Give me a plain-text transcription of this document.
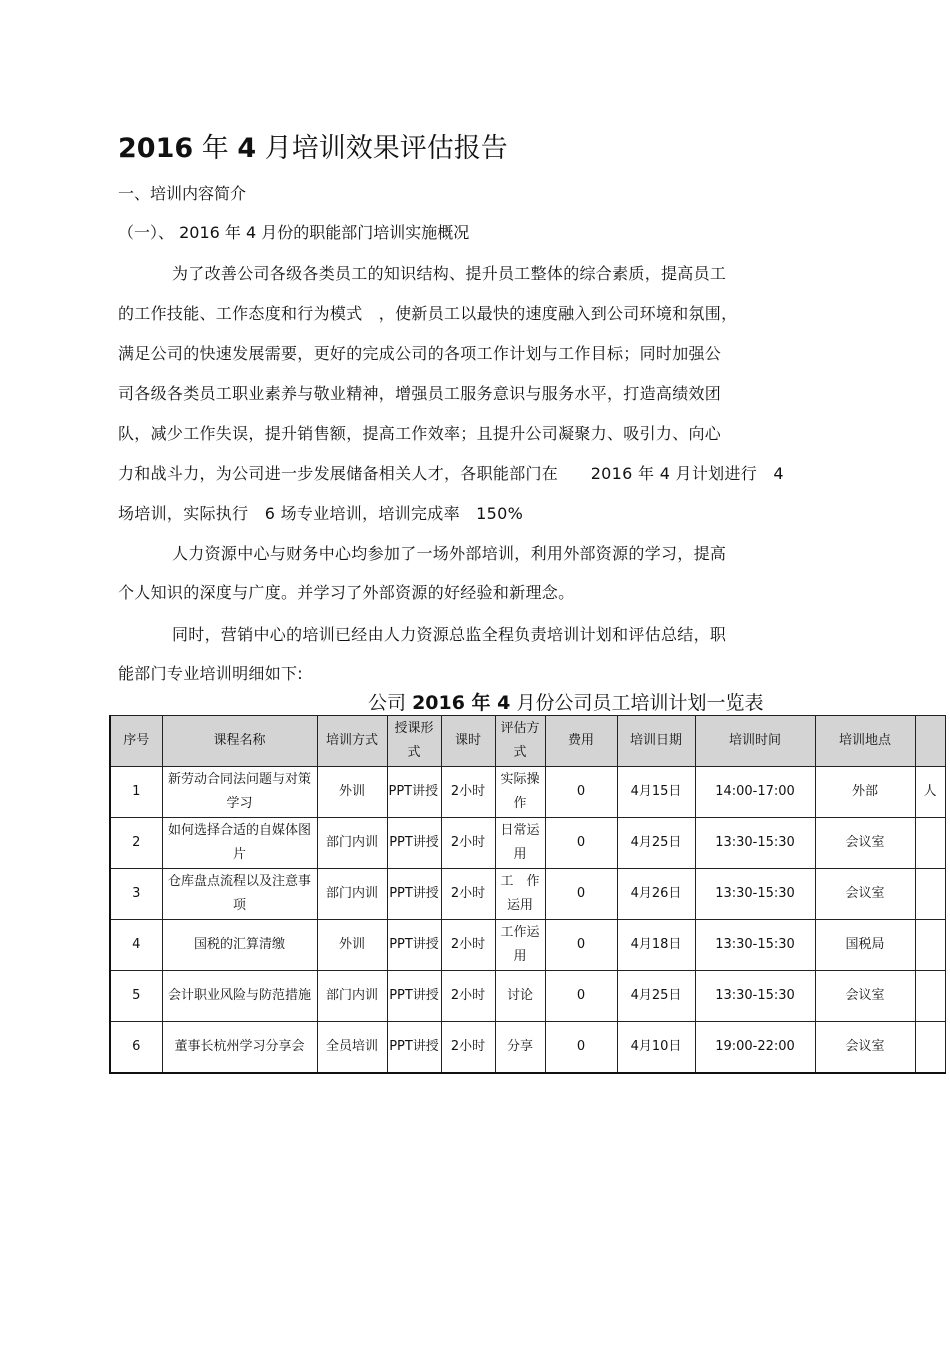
2016 年 4 月培训效果评估报告
一、培训内容简介
（一）、 2016 年 4 月份的职能部门培训实施概况
为了改善公司各级各类员工的知识结构、提升员工整体的综合素质，提高员工
的工作技能、工作态度和行为模式　，使新员工以最快的速度融入到公司环境和氛围，
满足公司的快速发展需要，更好的完成公司的各项工作计划与工作目标；同时加强公
司各级各类员工职业素养与敬业精神，增强员工服务意识与服务水平，打造高绩效团
队，减少工作失误，提升销售额，提高工作效率；且提升公司凝聚力、吸引力、向心
力和战斗力，为公司进一步发展储备相关人才，各职能部门在　　2016 年 4 月计划进行　4
场培训，实际执行　6 场专业培训，培训完成率　150%
人力资源中心与财务中心均参加了一场外部培训，利用外部资源的学习，提高
个人知识的深度与广度。并学习了外部资源的好经验和新理念。
同时，营销中心的培训已经由人力资源总监全程负责培训计划和评估总结，职
能部门专业培训明细如下:
公司 2016 年 4 月份公司员工培训计划一览表
序号	课程名称	培训方式	授课形式	课时	评估方式	费用	培训日期	培训时间	培训地点	
1	新劳动合同法问题与对策学习	外训	PPT讲授	2小时	实际操作	0	4月15日	14:00-17:00	外部	人
2	如何选择合适的自媒体图片	部门内训	PPT讲授	2小时	日常运用	0	4月25日	13:30-15:30	会议室	
3	仓库盘点流程以及注意事项	部门内训	PPT讲授	2小时	工　作运用	0	4月26日	13:30-15:30	会议室	
4	国税的汇算清缴	外训	PPT讲授	2小时	工作运用	0	4月18日	13:30-15:30	国税局	
5	会计职业风险与防范措施	部门内训	PPT讲授	2小时	讨论	0	4月25日	13:30-15:30	会议室	
6	董事长杭州学习分享会	全员培训	PPT讲授	2小时	分享	0	4月10日	19:00-22:00	会议室	
